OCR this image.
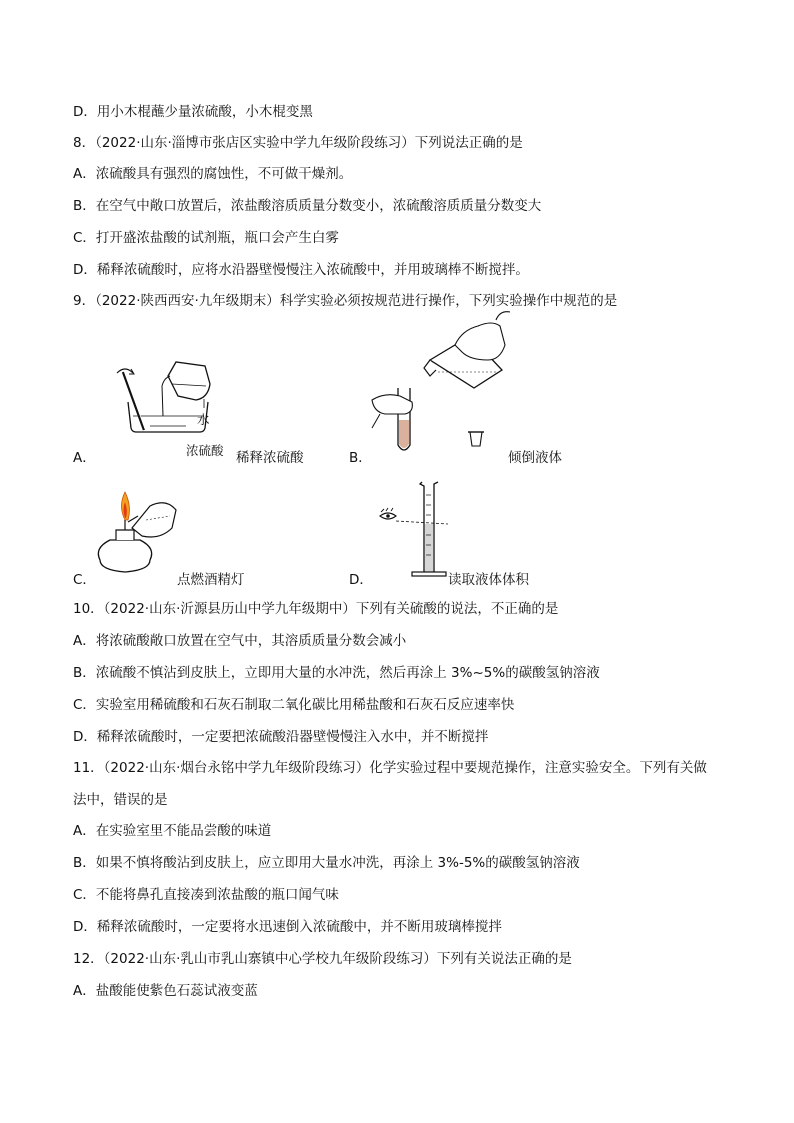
D．用小木棍蘸少量浓硫酸，小木棍变黑
8．（2022·山东·淄博市张店区实验中学九年级阶段练习）下列说法正确的是
A．浓硫酸具有强烈的腐蚀性，不可做干燥剂。
B．在空气中敞口放置后，浓盐酸溶质质量分数变小，浓硫酸溶质质量分数变大
C．打开盛浓盐酸的试剂瓶，瓶口会产生白雾
D．稀释浓硫酸时，应将水沿器壁慢慢注入浓硫酸中，并用玻璃棒不断搅拌。
9．（2022·陕西西安·九年级期末）科学实验必须按规范进行操作，下列实验操作中规范的是
A．
水
浓硫酸 稀释浓硫酸	B．	倾倒液体
C．	点燃酒精灯	D．	读取液体体积
10．（2022·山东·沂源县历山中学九年级期中）下列有关硫酸的说法，不正确的是
A．将浓硫酸敞口放置在空气中，其溶质质量分数会减小
B．浓硫酸不慎沾到皮肤上，立即用大量的水冲洗，然后再涂上 3%~5%的碳酸氢钠溶液
C．实验室用稀硫酸和石灰石制取二氧化碳比用稀盐酸和石灰石反应速率快
D．稀释浓硫酸时，一定要把浓硫酸沿器壁慢慢注入水中，并不断搅拌
11．（2022·山东·烟台永铭中学九年级阶段练习）化学实验过程中要规范操作，注意实验安全。下列有关做
法中，错误的是
A．在实验室里不能品尝酸的味道
B．如果不慎将酸沾到皮肤上，应立即用大量水冲洗，再涂上 3%-5%的碳酸氢钠溶液
C．不能将鼻孔直接凑到浓盐酸的瓶口闻气味
D．稀释浓硫酸时，一定要将水迅速倒入浓硫酸中，并不断用玻璃棒搅拌
12．（2022·山东·乳山市乳山寨镇中心学校九年级阶段练习）下列有关说法正确的是
A．盐酸能使紫色石蕊试液变蓝
